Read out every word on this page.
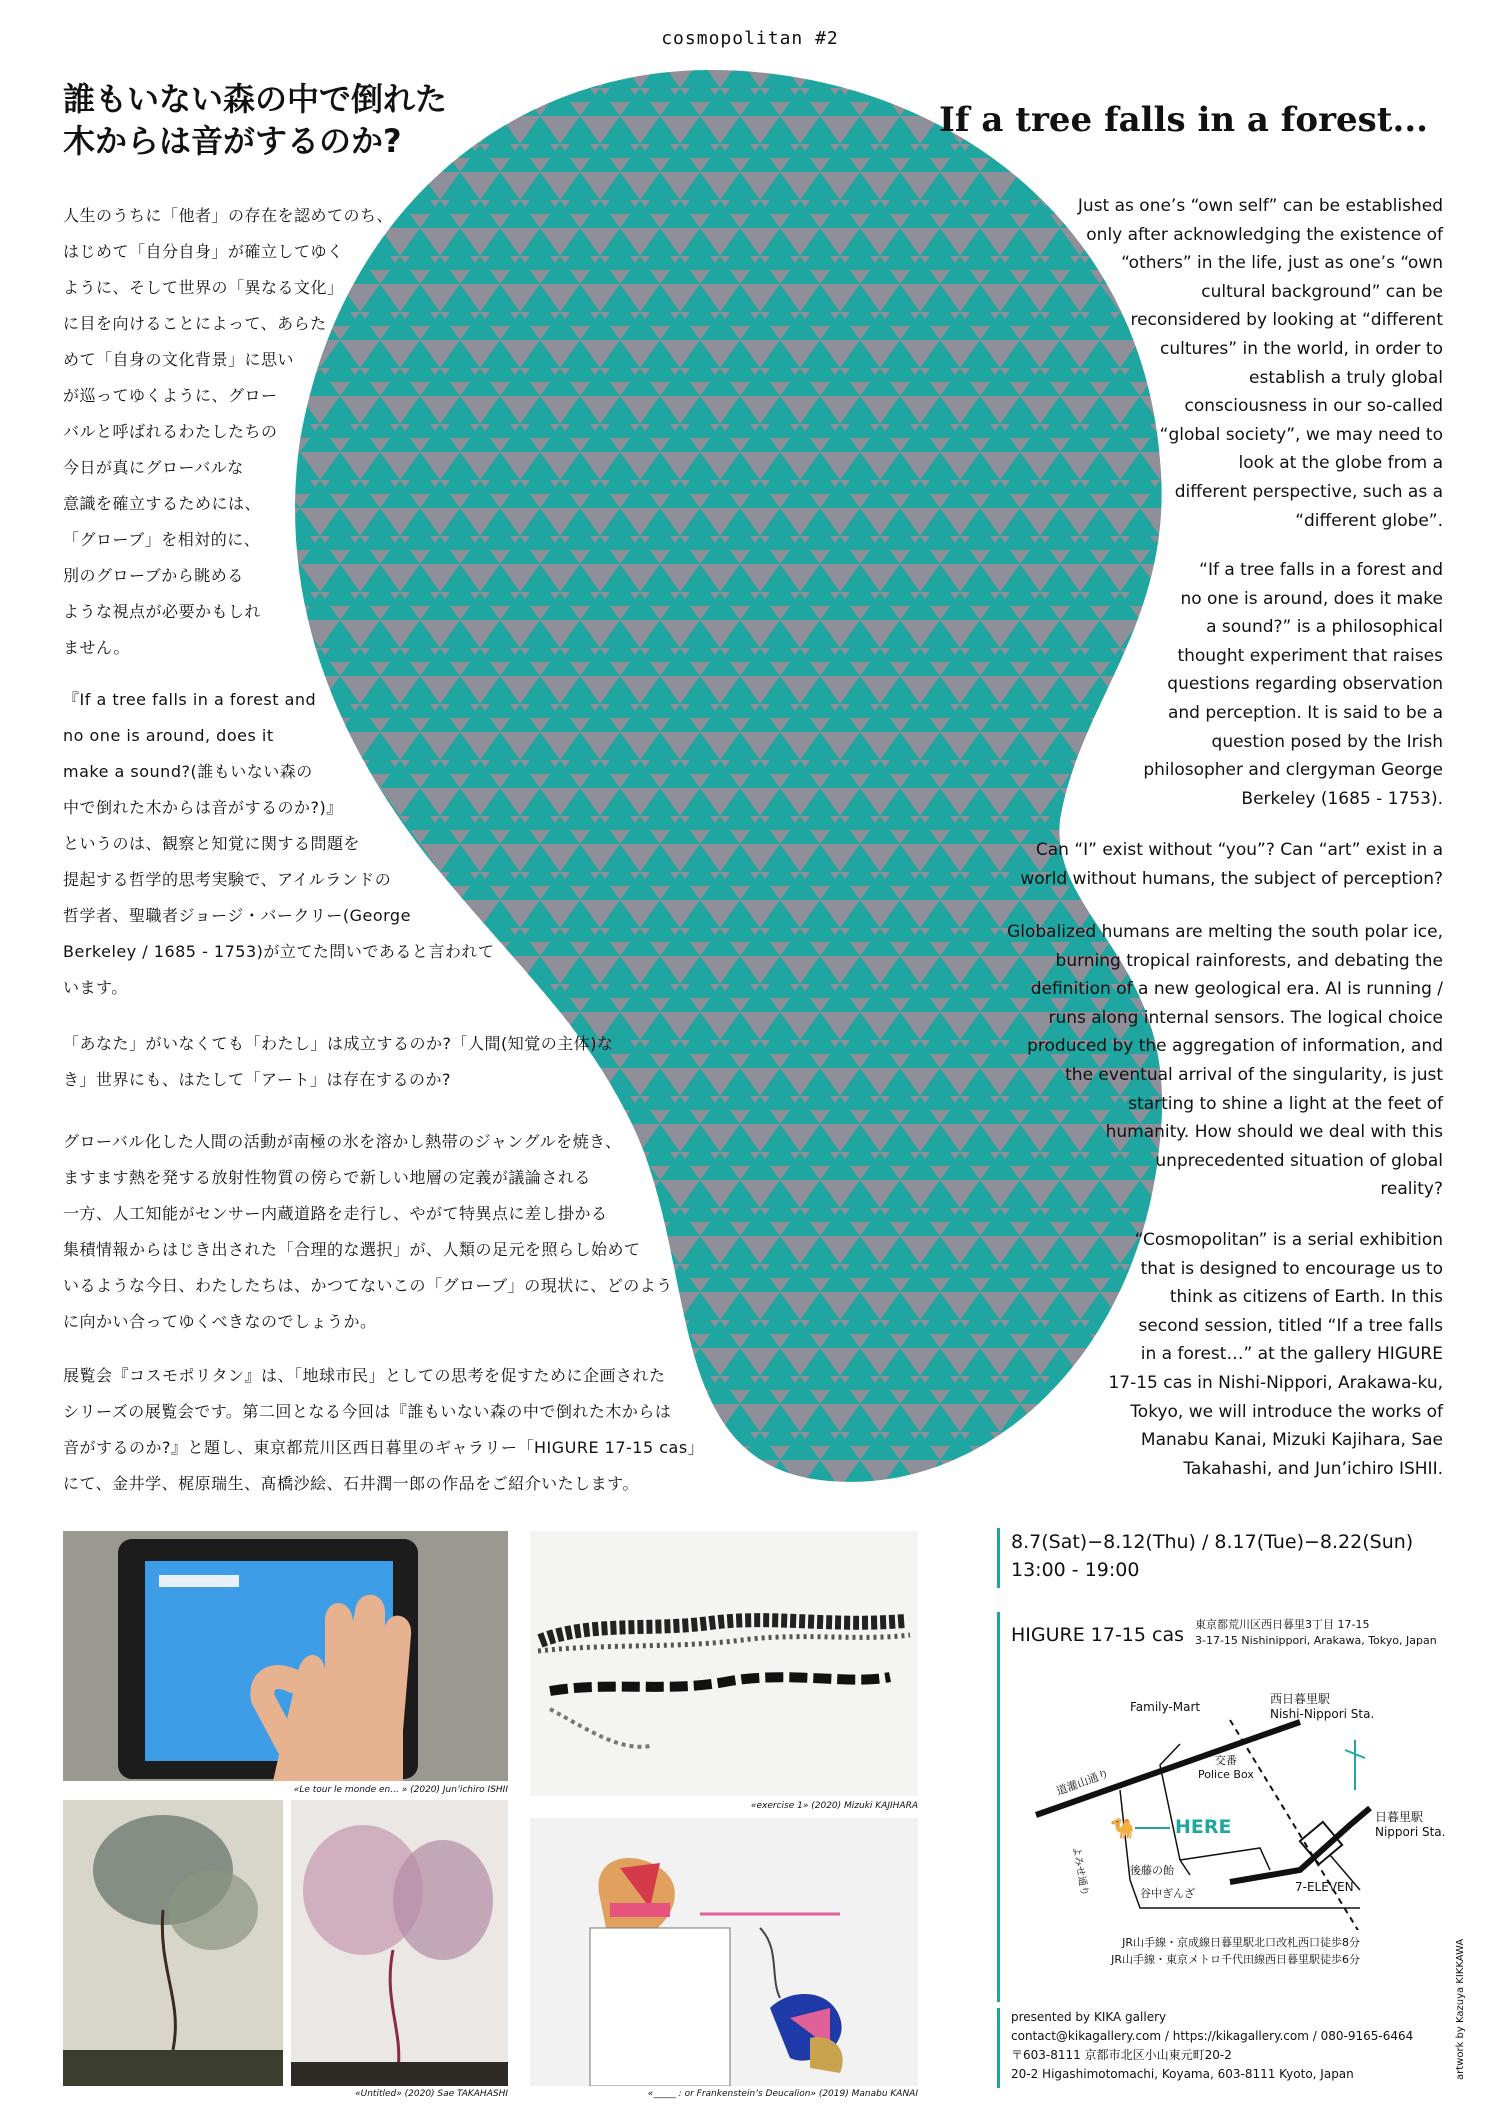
cosmopolitan #2
誰もいない森の中で倒れた
木からは音がするのか?
If a tree falls in a forest...
人生のうちに「他者」の存在を認めてのち、
はじめて「自分自身」が確立してゆく
ように、そして世界の「異なる文化」
に目を向けることによって、あらた
めて「自身の文化背景」に思い
が巡ってゆくように、グロー
バルと呼ばれるわたしたちの
今日が真にグローバルな
意識を確立するためには、
「グローブ」を相対的に、
別のグローブから眺める
ような視点が必要かもしれ
ません。
『If a tree falls in a forest and
no one is around, does it
make a sound?(誰もいない森の
中で倒れた木からは音がするのか?)』
というのは、観察と知覚に関する問題を
提起する哲学的思考実験で、アイルランドの
哲学者、聖職者ジョージ・バークリー(George
Berkeley / 1685 - 1753)が立てた問いであると言われて
います。
「あなた」がいなくても「わたし」は成立するのか?「人間(知覚の主体)な
き」世界にも、はたして「アート」は存在するのか?
グローバル化した人間の活動が南極の氷を溶かし熱帯のジャングルを焼き、
ますます熱を発する放射性物質の傍らで新しい地層の定義が議論される
一方、人工知能がセンサー内蔵道路を走行し、やがて特異点に差し掛かる
集積情報からはじき出された「合理的な選択」が、人類の足元を照らし始めて
いるような今日、わたしたちは、かつてないこの「グローブ」の現状に、どのよう
に向かい合ってゆくべきなのでしょうか。
展覧会『コスモポリタン』は、「地球市民」としての思考を促すために企画された
シリーズの展覧会です。第二回となる今回は『誰もいない森の中で倒れた木からは
音がするのか?』と題し、東京都荒川区西日暮里のギャラリー「HIGURE 17-15 cas」
にて、金井学、梶原瑞生、髙橋沙絵、石井潤一郎の作品をご紹介いたします。
Just as one’s “own self” can be established
only after acknowledging the existence of
“others” in the life, just as one’s “own
cultural background” can be
reconsidered by looking at “different
cultures” in the world, in order to
establish a truly global
consciousness in our so-called
“global society”, we may need to
look at the globe from a
different perspective, such as a
“different globe”.
“If a tree falls in a forest and
no one is around, does it make
a sound?” is a philosophical
thought experiment that raises
questions regarding observation
and perception. It is said to be a
question posed by the Irish
philosopher and clergyman George
Berkeley (1685 - 1753).
Can “I” exist without “you”? Can “art” exist in a
world without humans, the subject of perception?
Globalized humans are melting the south polar ice,
burning tropical rainforests, and debating the
definition of a new geological era. AI is running /
runs along internal sensors. The logical choice
produced by the aggregation of information, and
the eventual arrival of the singularity, is just
starting to shine a light at the feet of
humanity. How should we deal with this
unprecedented situation of global
reality?
“Cosmopolitan” is a serial exhibition
that is designed to encourage us to
think as citizens of Earth. In this
second session, titled “If a tree falls
in a forest…” at the gallery HIGURE
17-15 cas in Nishi-Nippori, Arakawa-ku,
Tokyo, we will introduce the works of
Manabu Kanai, Mizuki Kajihara, Sae
Takahashi, and Jun’ichiro ISHII.
«Le tour le monde en... » (2020) Jun’ichiro ISHII
«exercise 1» (2020) Mizuki KAJIHARA
«Untitled» (2020) Sae TAKAHASHI	«_____ : or Frankenstein’s Deucalion» (2019) Manabu KANAI
8.7(Sat)−8.12(Thu) / 8.17(Tue)−8.22(Sun)
13:00 - 19:00
HIGURE 17-15 cas 東京都荒川区西日暮里3丁目 17-15
3-17-15 Nishinippori, Arakawa, Tokyo, Japan
Family-Mart
西日暮里駅
Nishi-Nippori Sta.
道灌山通り
交番
Police Box
🐪 HERE	日暮里駅
Nippori Sta.
よみせ通り	後藤の飴
谷中ぎんざ	7-ELEVEN
JR山手線・京成線日暮里駅北口改札西口徒歩8分
JR山手線・東京メトロ千代田線西日暮里駅徒歩6分
presented by KIKA gallery
contact@kikagallery.com / https://kikagallery.com / 080-9165-6464
〒603-8111 京都市北区小山東元町20-2
20-2 Higashimotomachi, Koyama, 603-8111 Kyoto, Japan	artwork by Kazuya KIKKAWA
